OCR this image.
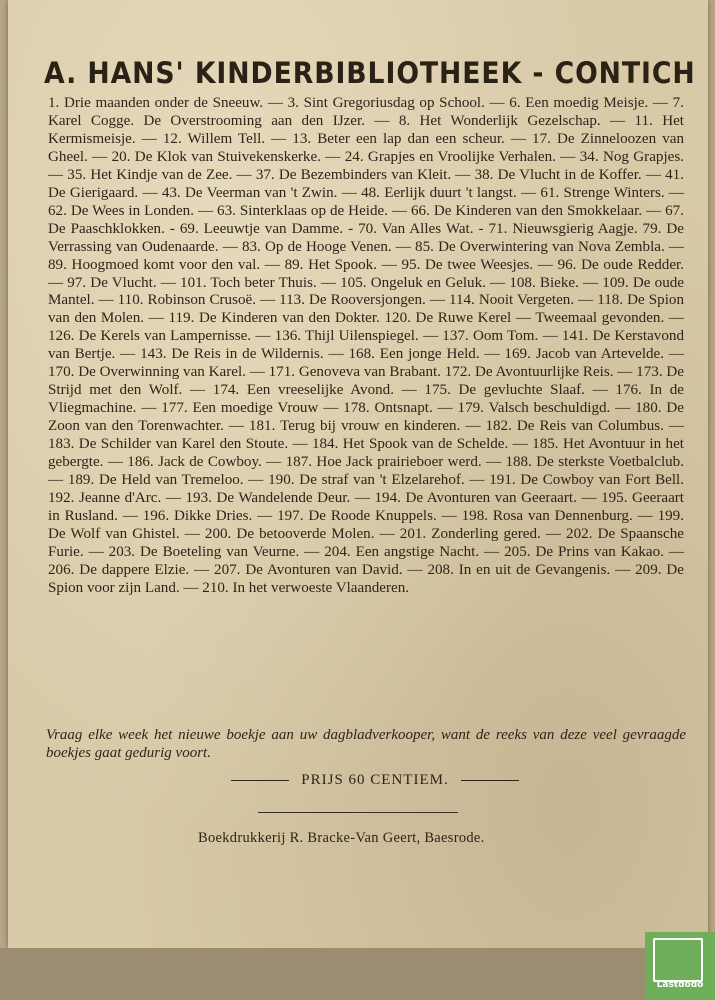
A. HANS' KINDERBIBLIOTHEEK - CONTICH

1. Drie maanden onder de Sneeuw. — 3. Sint Gregoriusdag op School. — 6. Een moedig Meisje. — 7. Karel Cogge. De Overstrooming aan den IJzer. — 8. Het Wonderlijk Gezelschap. — 11. Het Kermismeisje. — 12. Willem Tell. — 13. Beter een lap dan een scheur. — 17. De Zinneloozen van Gheel. — 20. De Klok van Stuivekenskerke. — 24. Grapjes en Vroolijke Verhalen. — 34. Nog Grapjes. — 35. Het Kindje van de Zee. — 37. De Bezembinders van Kleit. — 38. De Vlucht in de Koffer. — 41. De Gierigaard. — 43. De Veerman van 't Zwin. — 48. Eerlijk duurt 't langst. — 61. Strenge Winters. — 62. De Wees in Londen. — 63. Sinterklaas op de Heide. — 66. De Kinderen van den Smokkelaar. — 67. De Paaschklokken. - 69. Leeuwtje van Damme. - 70. Van Alles Wat. - 71. Nieuwsgierig Aagje. 79. De Verrassing van Oudenaarde. — 83. Op de Hooge Venen. — 85. De Overwintering van Nova Zembla. — 89. Hoogmoed komt voor den val. — 89. Het Spook. — 95. De twee Weesjes. — 96. De oude Redder. — 97. De Vlucht. — 101. Toch beter Thuis. — 105. Ongeluk en Geluk. — 108. Bieke. — 109. De oude Mantel. — 110. Robinson Crusoë. — 113. De Rooversjongen. — 114. Nooit Vergeten. — 118. De Spion van den Molen. — 119. De Kinderen van den Dokter. 120. De Ruwe Kerel — Tweemaal gevonden. — 126. De Kerels van Lampernisse. — 136. Thijl Uilenspiegel. — 137. Oom Tom. — 141. De Kerstavond van Bertje. — 143. De Reis in de Wildernis. — 168. Een jonge Held. — 169. Jacob van Artevelde. — 170. De Overwinning van Karel. — 171. Genoveva van Brabant. 172. De Avontuurlijke Reis. — 173. De Strijd met den Wolf. — 174. Een vreeselijke Avond. — 175. De gevluchte Slaaf. — 176. In de Vliegmachine. — 177. Een moedige Vrouw — 178. Ontsnapt. — 179. Valsch beschuldigd. — 180. De Zoon van den Torenwachter. — 181. Terug bij vrouw en kinderen. — 182. De Reis van Columbus. — 183. De Schilder van Karel den Stoute. — 184. Het Spook van de Schelde. — 185. Het Avontuur in het gebergte. — 186. Jack de Cowboy. — 187. Hoe Jack prairieboer werd. — 188. De sterkste Voetbalclub. — 189. De Held van Tremeloo. — 190. De straf van 't Elzelarehof. — 191. De Cowboy van Fort Bell. 192. Jeanne d'Arc. — 193. De Wandelende Deur. — 194. De Avonturen van Geeraart. — 195. Geeraart in Rusland. — 196. Dikke Dries. — 197. De Roode Knuppels. — 198. Rosa van Dennenburg. — 199. De Wolf van Ghistel. — 200. De betooverde Molen. — 201. Zonderling gered. — 202. De Spaansche Furie. — 203. De Boeteling van Veurne. — 204. Een angstige Nacht. — 205. De Prins van Kakao. — 206. De dappere Elzie. — 207. De Avonturen van David. — 208. In en uit de Gevangenis. — 209. De Spion voor zijn Land. — 210. In het verwoeste Vlaanderen.

Vraag elke week het nieuwe boekje aan uw dagbladverkooper, want de reeks van deze veel gevraagde boekjes gaat gedurig voort.

PRIJS 60 CENTIEM.
Boekdrukkerij R. Bracke-Van Geert, Baesrode.
Lastdodo
